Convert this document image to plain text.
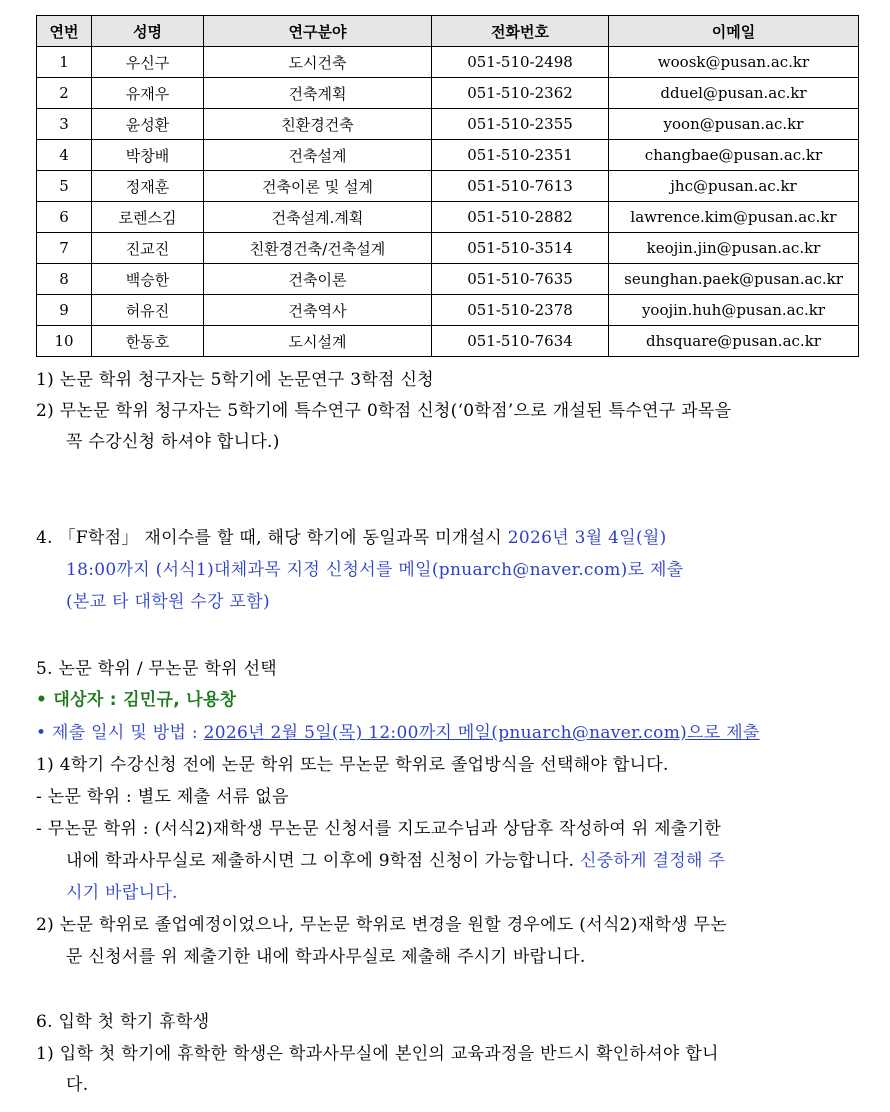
연번	성명	연구분야	전화번호	이메일
1	우신구	도시건축	051-510-2498	woosk@pusan.ac.kr
2	유재우	건축계획	051-510-2362	dduel@pusan.ac.kr
3	윤성환	친환경건축	051-510-2355	yoon@pusan.ac.kr
4	박창배	건축설계	051-510-2351	changbae@pusan.ac.kr
5	정재훈	건축이론 및 설계	051-510-7613	jhc@pusan.ac.kr
6	로렌스김	건축설계.계획	051-510-2882	lawrence.kim@pusan.ac.kr
7	진교진	친환경건축/건축설계	051-510-3514	keojin.jin@pusan.ac.kr
8	백승한	건축이론	051-510-7635	seunghan.paek@pusan.ac.kr
9	허유진	건축역사	051-510-2378	yoojin.huh@pusan.ac.kr
10	한동호	도시설계	051-510-7634	dhsquare@pusan.ac.kr
1) 논문 학위 청구자는 5학기에 논문연구 3학점 신청
2) 무논문 학위 청구자는 5학기에 특수연구 0학점 신청(‘0학점’으로 개설된 특수연구 과목을
꼭 수강신청 하셔야 합니다.)
4. 「F학점」 재이수를 할 때, 해당 학기에 동일과목 미개설시 2026년 3월 4일(월)
18:00까지 (서식1)대체과목 지정 신청서를 메일(pnuarch@naver.com)로 제출
(본교 타 대학원 수강 포함)
5. 논문 학위 / 무논문 학위 선택
• 대상자 : 김민규, 나용창
• 제출 일시 및 방법 : 2026년 2월 5일(목) 12:00까지 메일(pnuarch@naver.com)으로 제출
1) 4학기 수강신청 전에 논문 학위 또는 무논문 학위로 졸업방식을 선택해야 합니다.
- 논문 학위 : 별도 제출 서류 없음
- 무논문 학위 : (서식2)재학생 무논문 신청서를 지도교수님과 상담후 작성하여 위 제출기한
내에 학과사무실로 제출하시면 그 이후에 9학점 신청이 가능합니다. 신중하게 결정해 주
시기 바랍니다.
2) 논문 학위로 졸업예정이었으나, 무논문 학위로 변경을 원할 경우에도 (서식2)재학생 무논
문 신청서를 위 제출기한 내에 학과사무실로 제출해 주시기 바랍니다.
6. 입학 첫 학기 휴학생
1) 입학 첫 학기에 휴학한 학생은 학과사무실에 본인의 교육과정을 반드시 확인하셔야 합니
다.
